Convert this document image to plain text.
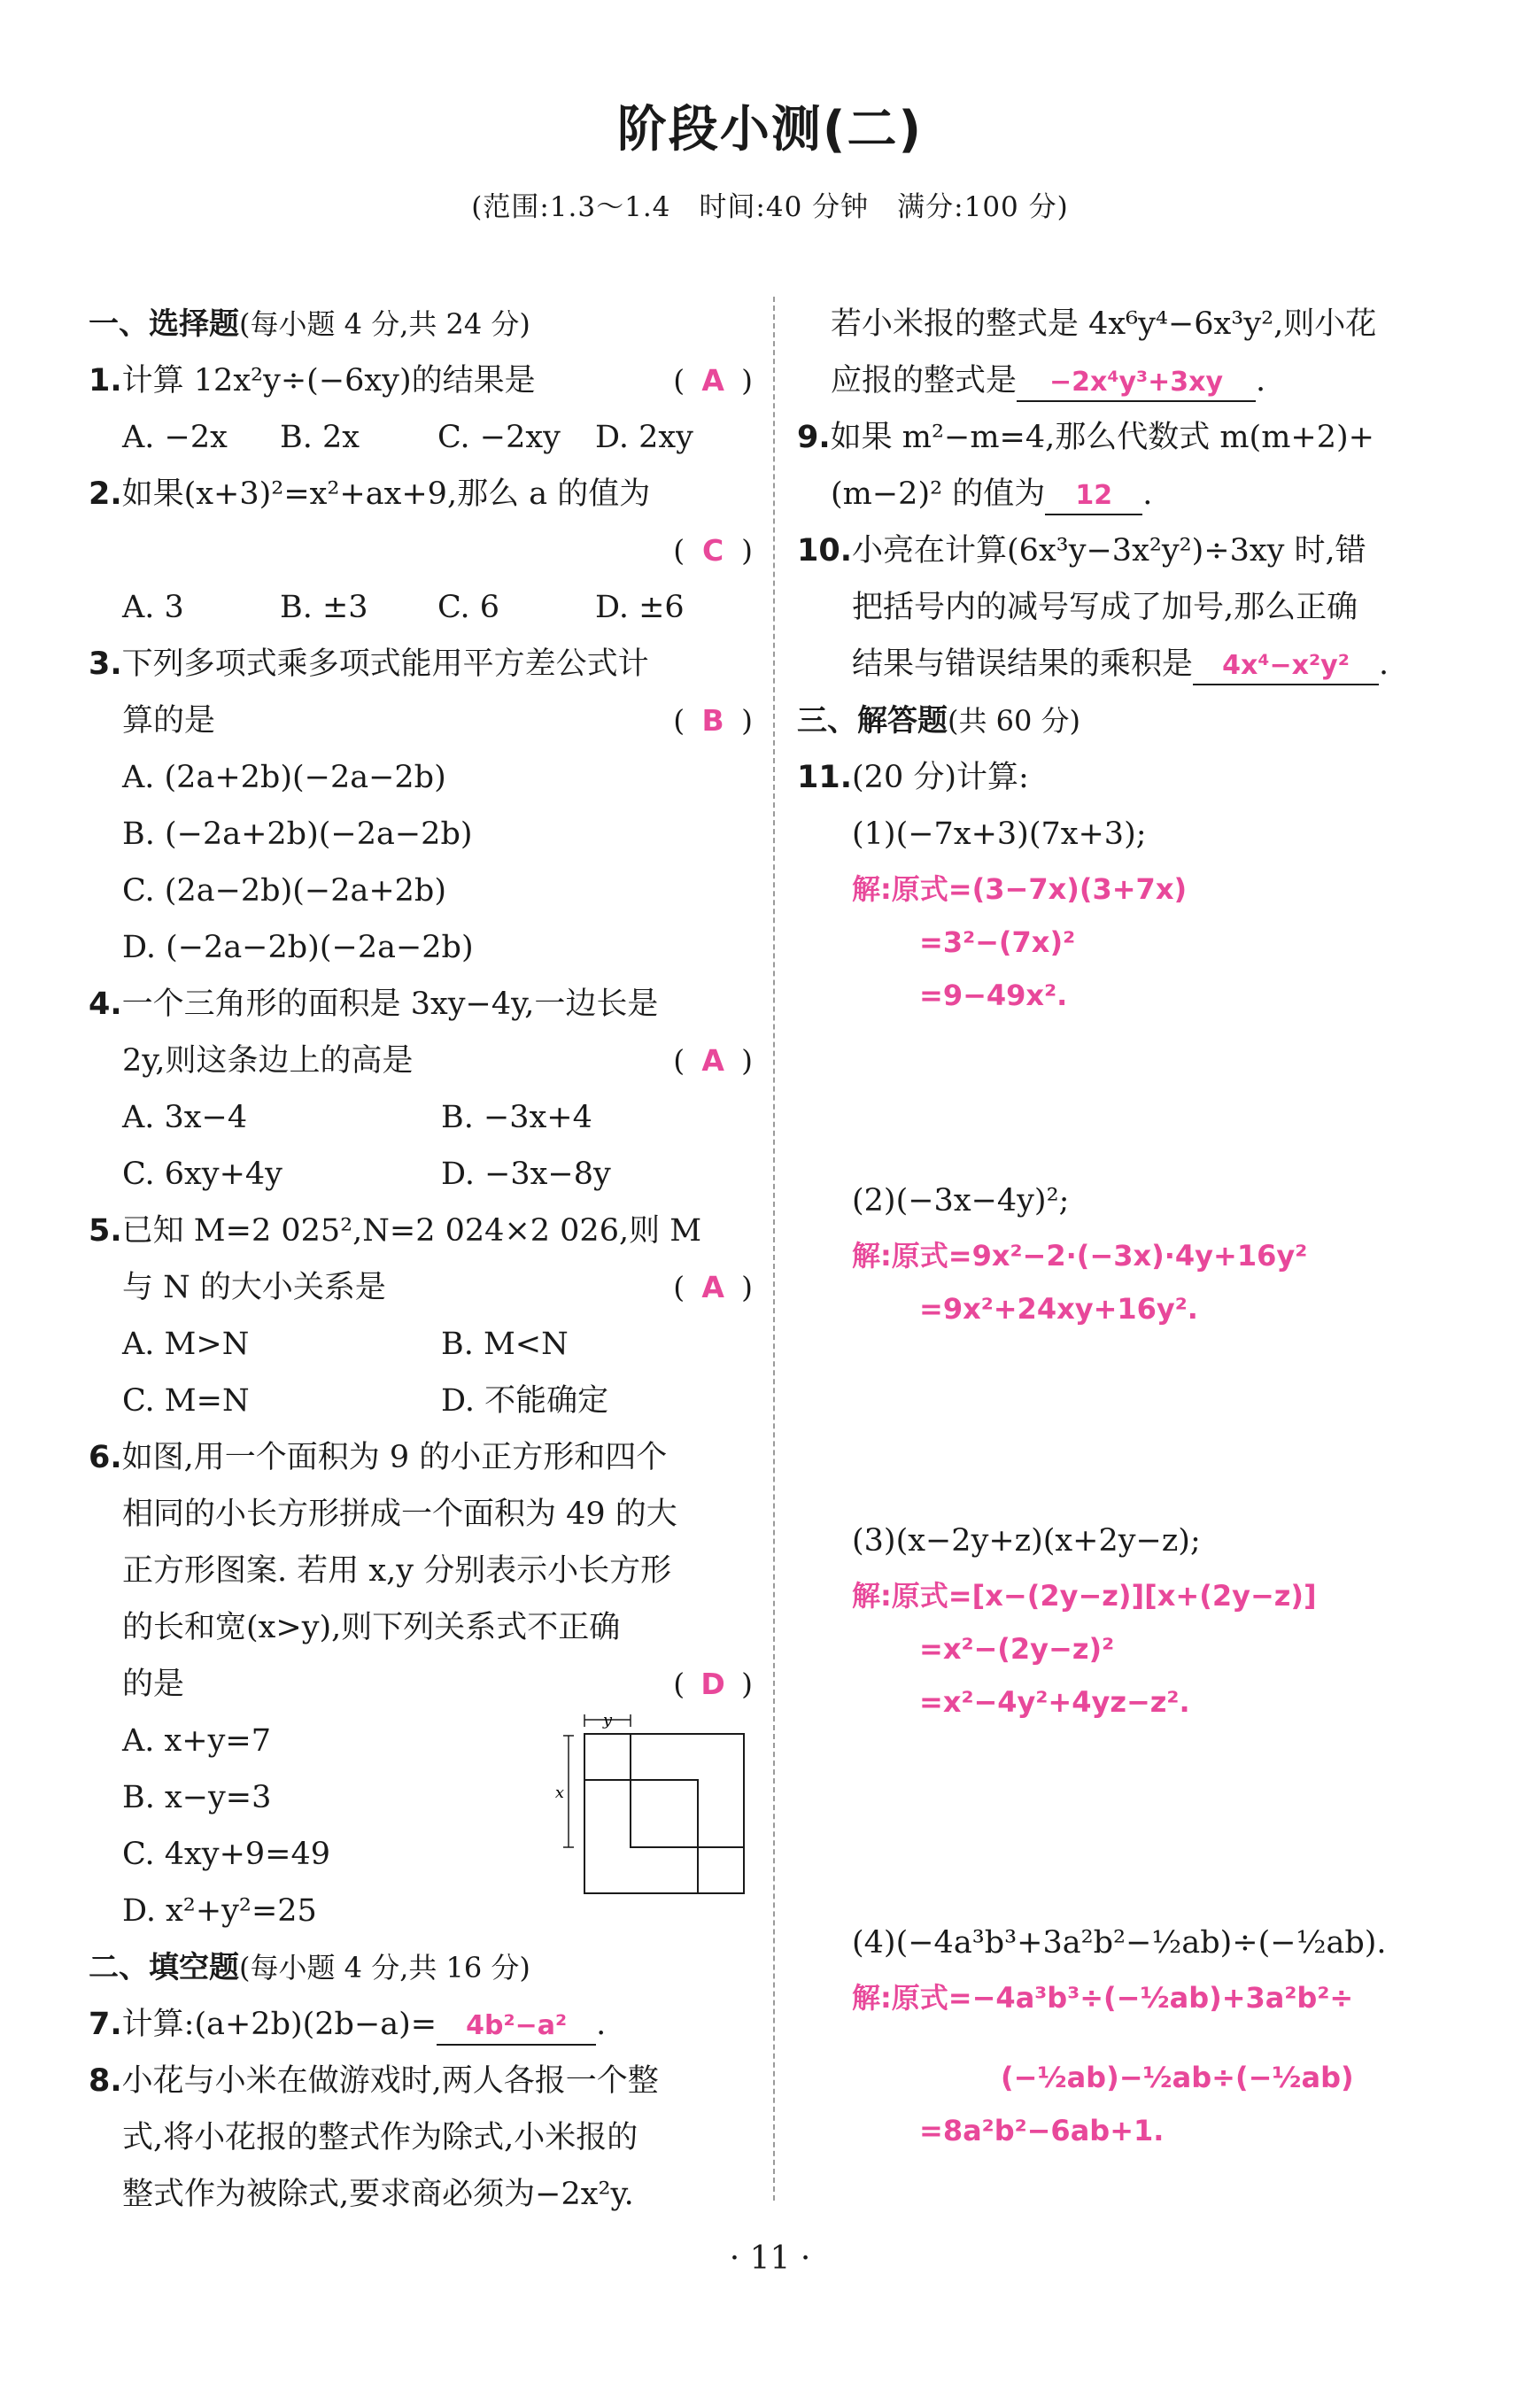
阶段小测(二)
(范围:1.3～1.4　时间:40 分钟　满分:100 分)
一、选择题(每小题 4 分,共 24 分)
1.计算 12x²y÷(−6xy)的结果是	( A )
A. −2x B. 2x	C. −2xy D. 2xy
2.如果(x+3)²=x²+ax+9,那么 a 的值为
( C )
A. 3	B. ±3 C. 6	D. ±6
3.下列多项式乘多项式能用平方差公式计
算的是	( B )
A. (2a+2b)(−2a−2b)
B. (−2a+2b)(−2a−2b)
C. (2a−2b)(−2a+2b)
D. (−2a−2b)(−2a−2b)
4.一个三角形的面积是 3xy−4y,一边长是
2y,则这条边上的高是	( A )
A. 3x−4	B. −3x+4
C. 6xy+4y	D. −3x−8y
5.已知 M=2 025²,N=2 024×2 026,则 M
与 N 的大小关系是	( A )
A. M>N	B. M<N
C. M=N	D. 不能确定
6.如图,用一个面积为 9 的小正方形和四个
相同的小长方形拼成一个面积为 49 的大
正方形图案. 若用 x,y 分别表示小长方形
的长和宽(x>y),则下列关系式不正确
的是	( D )
A. x+y=7
B. x−y=3
C. 4xy+9=49
D. x²+y²=25
二、填空题(每小题 4 分,共 16 分)
7.计算:(a+2b)(2b−a)= 4b²−a² .
8.小花与小米在做游戏时,两人各报一个整
式,将小花报的整式作为除式,小米报的
整式作为被除式,要求商必须为−2x²y.
y
x
若小米报的整式是 4x⁶y⁴−6x³y²,则小花
应报的整式是 −2x⁴y³+3xy .
9.如果 m²−m=4,那么代数式 m(m+2)+
(m−2)² 的值为 12 .
10.小亮在计算(6x³y−3x²y²)÷3xy 时,错
把括号内的减号写成了加号,那么正确
结果与错误结果的乘积是 4x⁴−x²y² .
三、解答题(共 60 分)
11.(20 分)计算:
(1)(−7x+3)(7x+3);
解:原式=(3−7x)(3+7x)
=3²−(7x)²
=9−49x².
(2)(−3x−4y)²;
解:原式=9x²−2·(−3x)·4y+16y²
=9x²+24xy+16y².
(3)(x−2y+z)(x+2y−z);
解:原式=[x−(2y−z)][x+(2y−z)]
=x²−(2y−z)²
=x²−4y²+4yz−z².
(4)(−4a³b³+3a²b²−½ab)÷(−½ab).
解:原式=−4a³b³÷(−½ab)+3a²b²÷
(−½ab)−½ab÷(−½ab)
=8a²b²−6ab+1.
· 11 ·
